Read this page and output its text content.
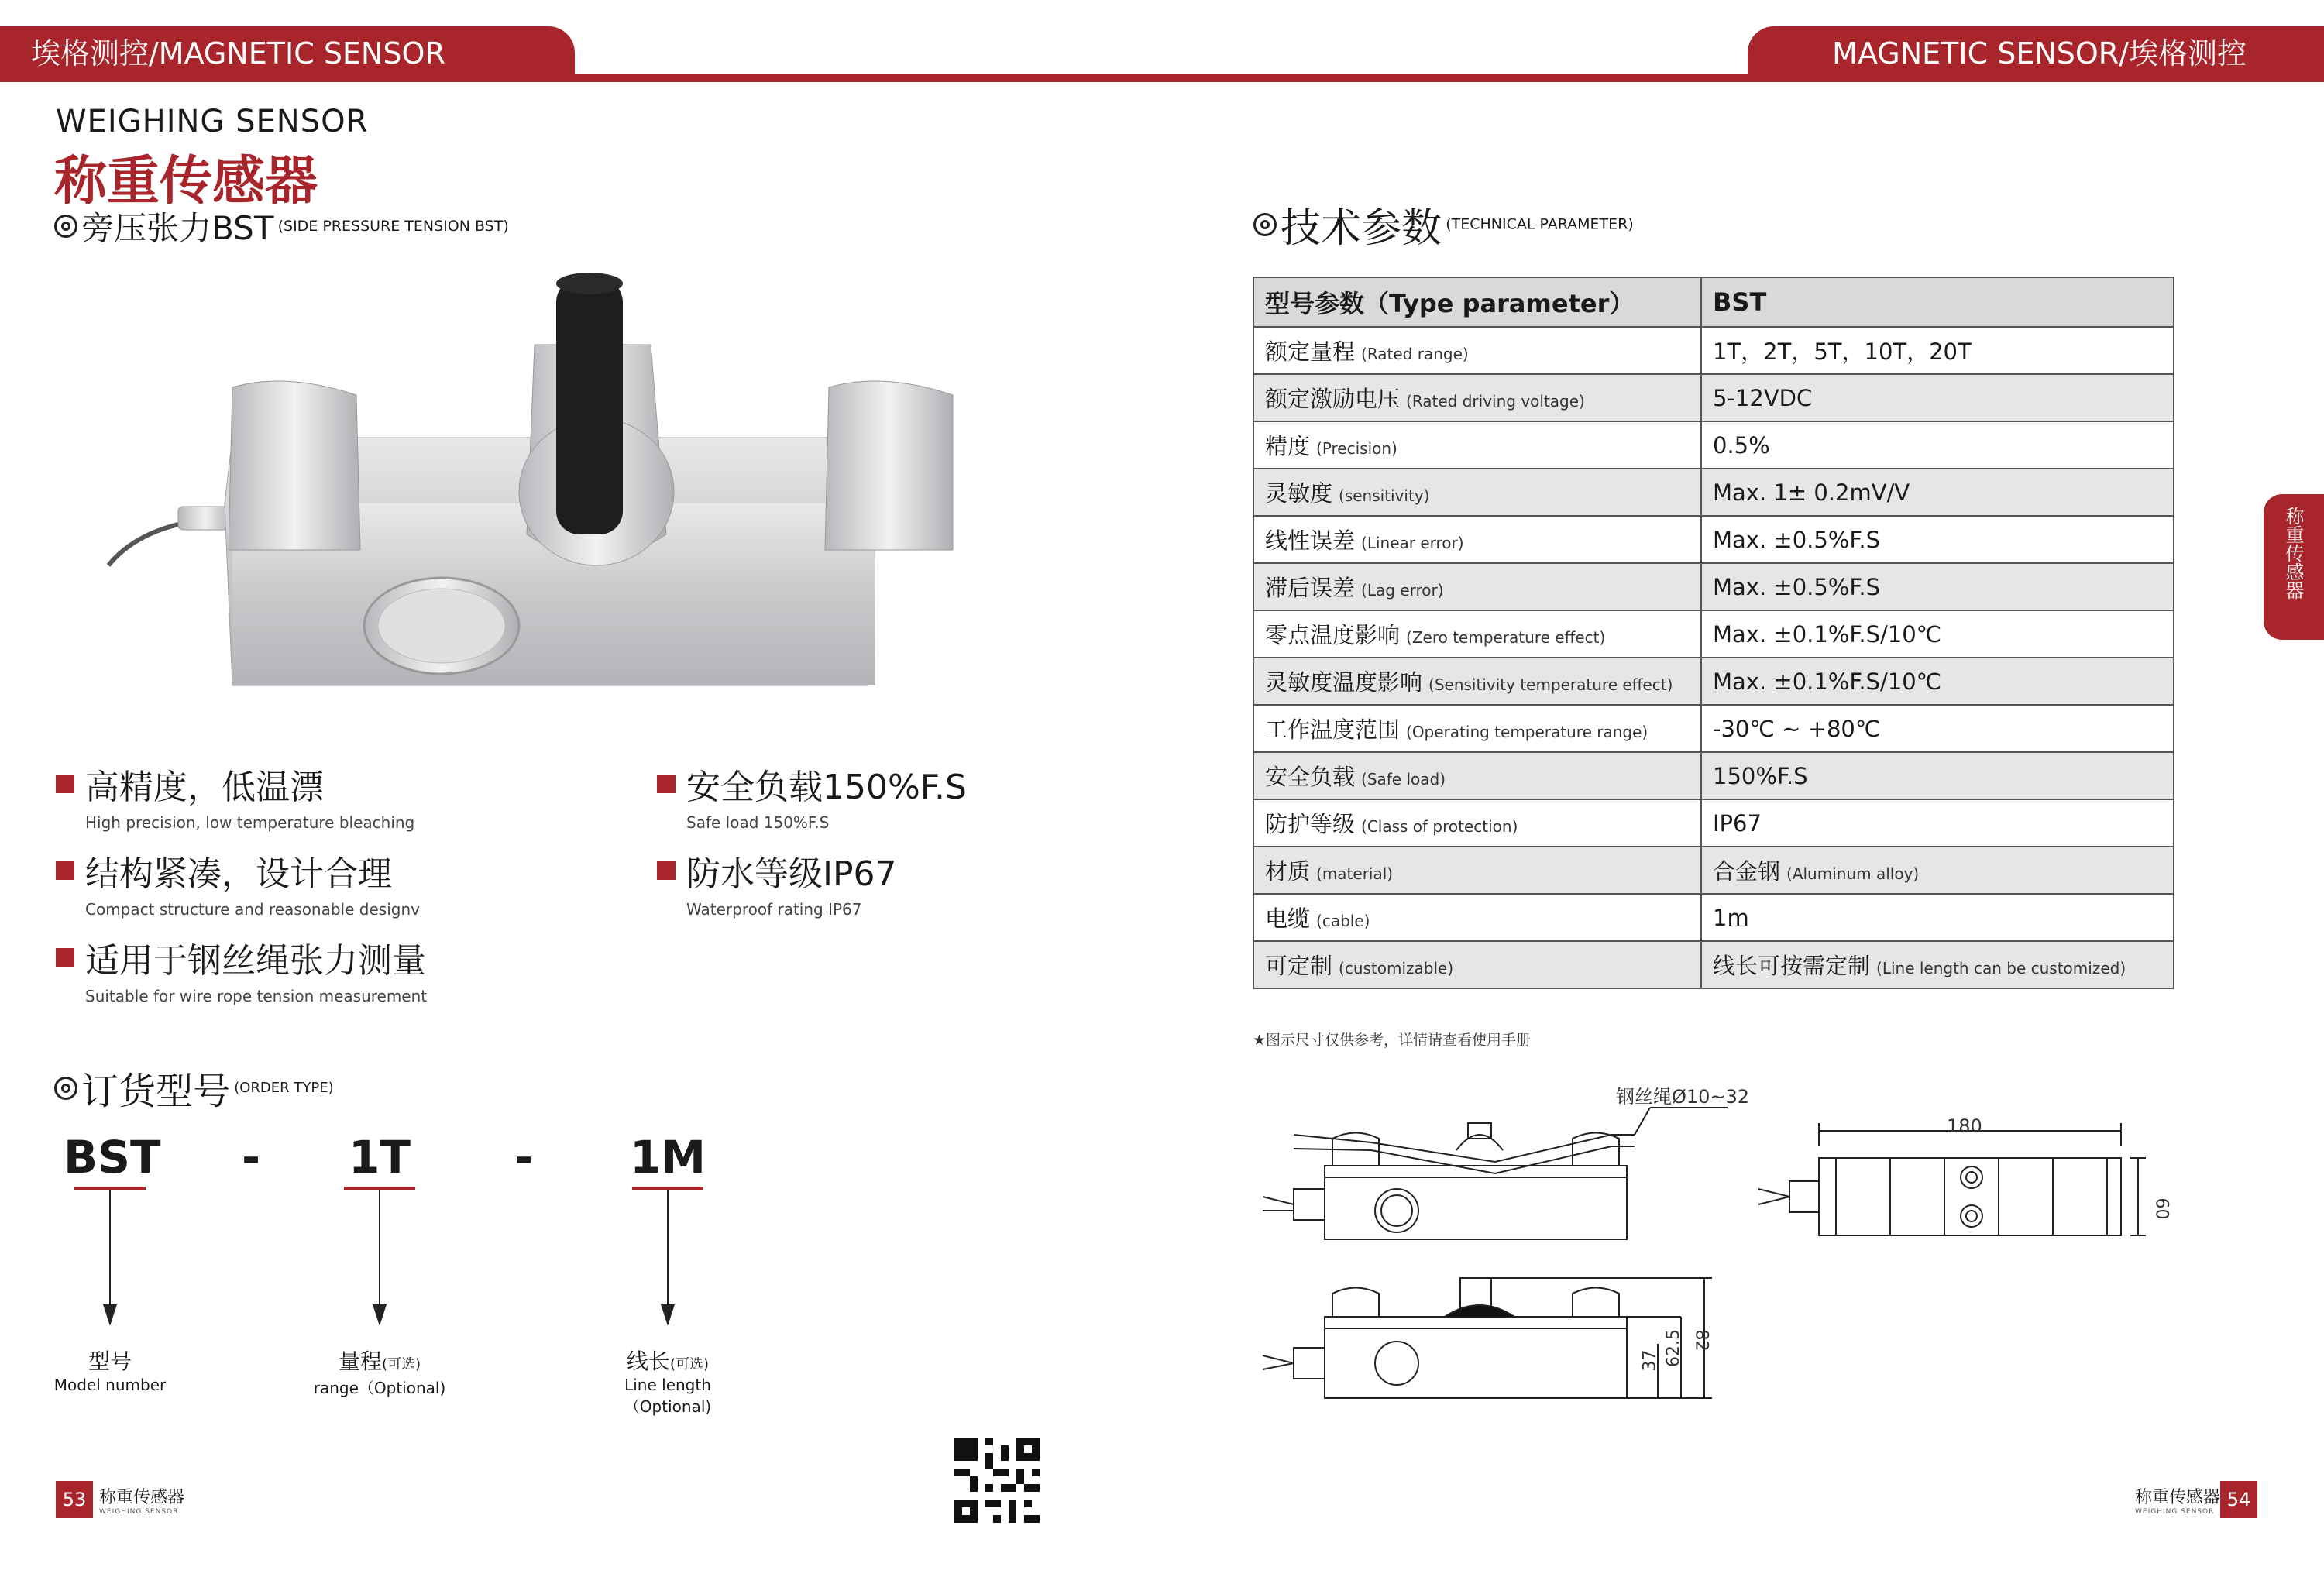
埃格测控/MAGNETIC SENSOR	MAGNETIC SENSOR/埃格测控
WEIGHING SENSOR
称重传感器
旁压张力BST (SIDE PRESSURE TENSION BST)
高精度，低温漂
High precision, low temperature bleaching
安全负载150%F.S
Safe load 150%F.S
结构紧凑，设计合理
Compact structure and reasonable designv
防水等级IP67
Waterproof rating IP67
适用于钢丝绳张力测量
Suitable for wire rope tension measurement
订货型号 (ORDER TYPE)
BST -	1T	- 1M
型号
Model number
量程(可选)
range（Optional)
线长(可选)
Line length（Optional)
53 称重传感器
WEIGHING SENSOR
技术参数 (TECHNICAL PARAMETER)
型号参数（Type parameter）	BST
额定量程 (Rated range)	1T，2T，5T，10T，20T
额定激励电压 (Rated driving voltage)	5-12VDC
精度 (Precision)	0.5%
灵敏度 (sensitivity)	Max. 1± 0.2mV/V
线性误差 (Linear error)	Max. ±0.5%F.S
滞后误差 (Lag error)	Max. ±0.5%F.S
零点温度影响 (Zero temperature effect)	Max. ±0.1%F.S/10℃
灵敏度温度影响 (Sensitivity temperature effect)	Max. ±0.1%F.S/10℃
工作温度范围 (Operating temperature range)	-30℃ ~ +80℃
安全负载 (Safe load)	150%F.S
防护等级 (Class of protection)	IP67
材质 (material)	合金钢 (Aluminum alloy)
电缆 (cable)	1m
可定制 (customizable)	线长可按需定制 (Line length can be customized)
★图示尺寸仅供参考，详情请查看使用手册
钢丝绳Ø10~32
180
60
37 62.5 82
称重传感器
称重传感器
WEIGHING SENSOR
54
